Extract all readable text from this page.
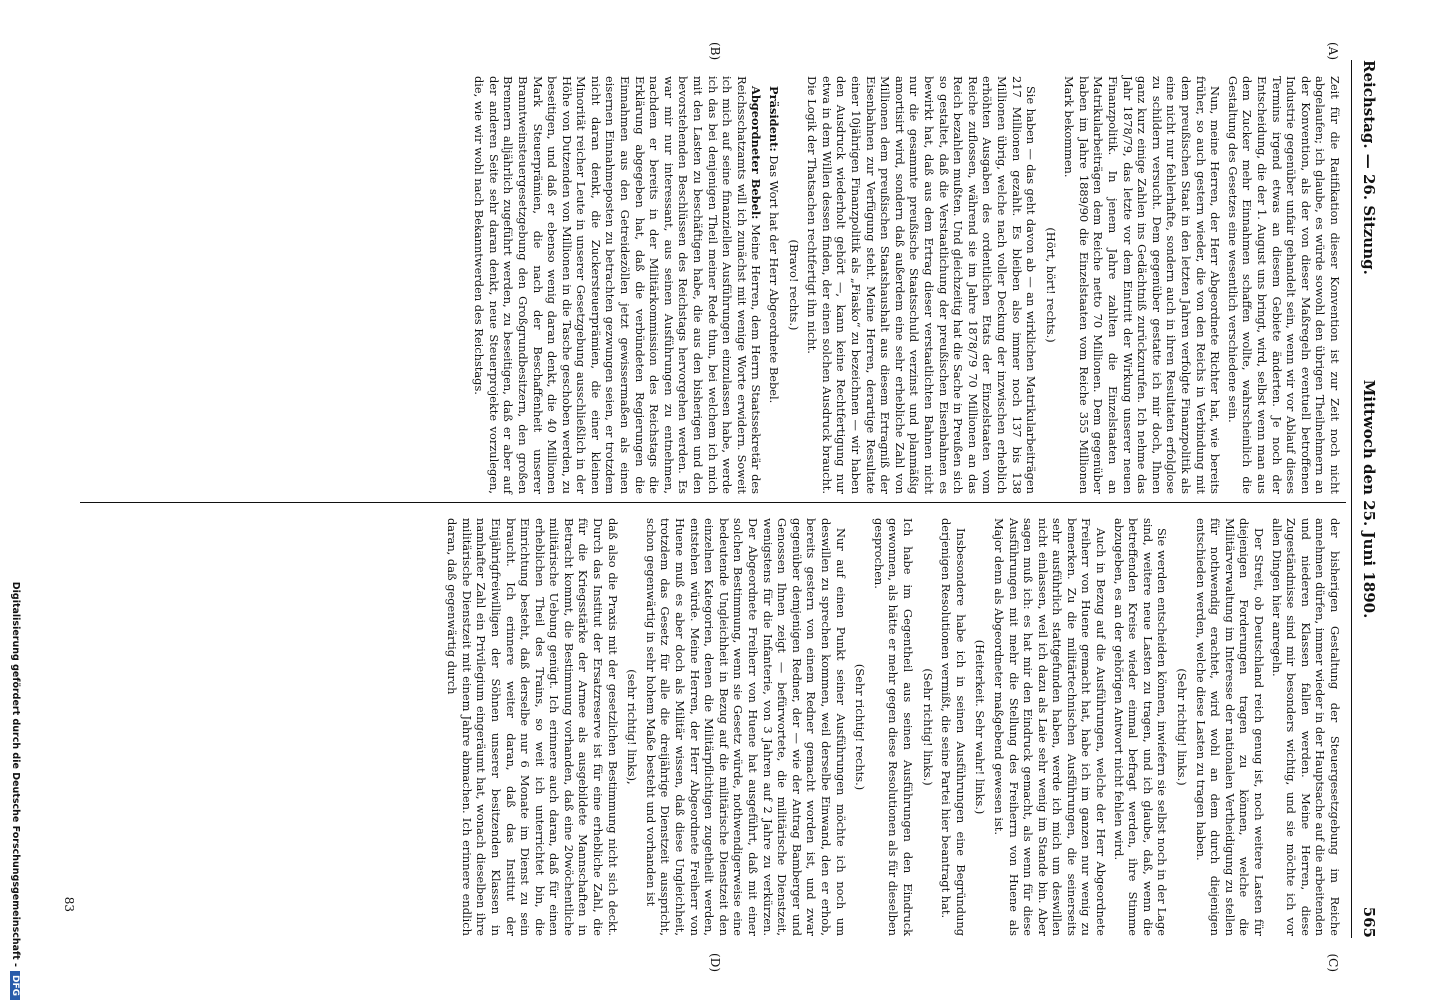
Reichstag. — 26. Sitzung.
Mittwoch den 25. Juni 1890.
565
(A)
(B)
(C)
(D)

Zeit für die Ratifikation dieser Konvention ist zur Zeit noch nicht abgelaufen; ich glaube, es würde sowohl den übrigen Theilnehmern an der Konvention, als der von dieser Maßregeln eventuell betroffenen Industrie gegenüber unfair gehandelt sein, wenn wir vor Ablauf dieses Termins irgend etwas an diesem Gebiete änderten. Je noch der Entscheidung, die der 1. August uns bringt, wird, selbst wenn man aus dem Zucker mehr Einnahmen schaffen wollte, wahrscheinlich die Gestaltung des Gesetzes eine wesentlich verschiedene sein.

Nun, meine Herren, der Herr Abgeordnete Richter hat, wie bereits früher, so auch gestern wieder, die von den Reichs in Verbindung mit dem preußischen Staat in den letzten Jahren verfolgte Finanzpolitik als eine nicht nur fehlerhafte, sondern auch in ihren Resultaten erfolglose zu schildern versucht. Dem gegenüber gestatte ich mir doch, Ihnen ganz kurz einige Zahlen ins Gedächtniß zurückzurufen. Ich nehme das Jahr 1878/79, das letzte vor dem Eintritt der Wirkung unserer neuen Finanzpolitik. In jenem Jahre zahlten die Einzelstaaten an Matrikularbeiträgen dem Reiche netto 70 Millionen. Dem gegenüber haben im Jahre 1889/90 die Einzelstaaten vom Reiche 355 Millionen Mark bekommen.

(Hört, hört! rechts.)

Sie haben — das geht davon ab — an wirklichen Matrikularbeiträgen 217 Millionen gezahlt. Es bleiben also immer noch 137 bis 138 Millionen übrig, welche nach voller Deckung der inzwischen erheblich erhöhten Ausgaben des ordentlichen Etats der Einzelstaaten vom Reiche zuflossen, während sie im Jahre 1878/79 70 Millionen an das Reich bezahlen mußten. Und gleichzeitig hat die Sache in Preußen sich so gestaltet, daß die Verstaatlichung der preußischen Eisenbahnen es bewirkt hat, daß aus dem Ertrag dieser verstaatlichten Bahnen nicht nur die gesammte preußische Staatsschuld verzinst und planmäßig amortisirt wird, sondern daß außerdem eine sehr erhebliche Zahl von Millionen dem preußischen Staatshaushalt aus diesem Ertragniß der Eisenbahnen zur Verfügung steht. Meine Herren, derartige Resultate einer 10jährigen Finanzpolitik als „Fiasko“ zu bezeichnen — wir haben den Ausdruck wiederholt gehört —, kann keine Rechtfertigung nur etwa in dem Willen dessen finden, der einen solchen Ausdruck braucht. Die Logik der Thatsachen rechtfertigt ihn nicht.

(Bravo! rechts.)

Präsident: Das Wort hat der Herr Abgeordnete Bebel.

Abgeordneter Bebel: Meine Herren, dem Herrn Staatssekretär des Reichsschatzamts will ich zunächst mit wenige Worte erwidern. Soweit ich mich auf seine finanziellen Ausführungen einzulassen habe, werde ich das bei denjenigen Theil meiner Rede thun, bei welchem ich mich mit den Lasten zu beschäftigen habe, die aus den bisherigen und den bevorstehenden Beschlüssen des Reichstags hervorgehen werden. Es war mir nur interessant, aus seinen Ausführungen zu entnehmen, nachdem er bereits in der Militärkommission des Reichstags die Erklärung abgegeben hat, daß die verbündeten Regierungen die Einnahmen aus den Getreidezöllen jetzt gewissermaßen als einen eisernen Einnahmeposten zu betrachten gezwungen seien, er trotzdem nicht daran denkt, die Zuckersteuerprämien, die einer kleinen Minorität reicher Leute in unserer Gesetzgebung ausschließlich in der Höhe von Dutzenden von Millionen in die Tasche geschoben werden, zu beseitigen, und daß er ebenso wenig daran denkt, die 40 Millionen Mark Steuerprämien, die nach der Beschaffenheit unserer Branntweinsteuergesetzgebung den Großgrundbesitzern, den großen Brennern alljährlich zugeführt werden, zu beseitigen, daß er aber auf der anderen Seite sehr daran denkt, neue Steuerprojekte vorzulegen, die, wie wir wohl nach Bekanntwerden des Reichstags.

der bisherigen Gestaltung der Steuergesetzgebung im Reiche annehmen dürfen, immer wieder in der Hauptsache auf die arbeitenden und niederen Klassen fallen werden. Meine Herren, diese Zugeständnisse sind mir besonders wichtig, und sie möchte ich vor allen Dingen hier anregeln.

Der Streit, ob Deutschland reich genug ist, noch weitere Lasten für diejenigen Forderungen tragen zu können, welche die Militärverwaltung im Interesse der nationalen Vertheidigung zu stellen für nothwendig erachtet, wird wohl an dem durch diejenigen entschieden werden, welche diese Lasten zu tragen haben.

(Sehr richtig! links.)

Sie werden entscheiden können, inwiefern sie selbst noch in der Lage sind, weitere neue Lasten zu tragen, und ich glaube, daß, wenn die betreffenden Kreise wieder einmal befragt werden, ihre Stimme abzugeben, es an der gehörigen Antwort nicht fehlen wird.

Auch in Bezug auf die Ausführungen, welche der Herr Abgeordnete Freiherr von Huene gemacht hat, habe ich im ganzen nur wenig zu bemerken. Zu die militärtechnischen Ausführungen, die seinerseits sehr ausführlich stattgefunden haben, werde ich mich um deswillen nicht einlassen, weil ich dazu als Laie sehr wenig im Stande bin. Aber sagen muß ich: es hat mir den Eindruck gemacht, als wenn für diese Ausführungen mit mehr die Stellung des Freiherrn von Huene als Major denn als Abgeordneter maßgebend gewesen ist.

(Heiterkeit. Sehr wahr! links.)

Insbesondere habe ich in seinen Ausführungen eine Begründung derjenigen Resolutionen vermißt, die seine Partei hier beantragt hat.

(Sehr richtig! links.)

Ich habe im Gegentheil aus seinen Ausführungen den Eindruck gewonnen, als hätte er mehr gegen diese Resolutionen als für dieselben gesprochen.

(Sehr richtig! rechts.)

Nur auf einen Punkt seiner Ausführungen möchte ich noch um deswillen zu sprechen kommen, weil derselbe Einwand, den er erhob, bereits gestern von einem Redner gemacht worden ist, und zwar gegenüber demjenigen Redner, der — wie der Antrag Bamberger und Genossen Ihnen zeigt — befürwortete, die militärische Dienstzeit, wenigstens für die Infanterie, von 3 Jahren auf 2 Jahre zu verkürzen. Der Abgeordnete Freiherr von Huene hat ausgeführt, daß mit einer solchen Bestimmung, wenn sie Gesetz würde, nothwendigerweise eine bedeutende Ungleichheit in Bezug auf die militärische Dienstzeit den einzelnen Kategorien, denen die Militärpflichtigen zugetheilt werden, entstehen würde. Meine Herren, der Herr Abgeordnete Freiherr von Huene muß es aber doch als Militär wissen, daß diese Ungleichheit, trotzdem das Gesetz für alle die dreijährige Dienstzeit ausspricht, schon gegenwärtig in sehr hohem Maße besteht und vorhanden ist

(sehr richtig! links),

daß also die Praxis mit der gesetzlichen Bestimmung nicht sich deckt. Durch das Institut der Ersatzreserve ist für eine erhebliche Zahl, die für die Kriegsstärke der Armee als ausgebildete Mannschaften in Betracht kommt, die Bestimmung vorhanden, daß eine 20wöchentliche militärische Uebung genügt. Ich erinnere auch daran, daß für einen erheblichen Theil des Trains, so weit ich unterrichtet bin, die Einrichtung besteht, daß derselbe nur 6 Monate im Dienst zu sein braucht. Ich erinnere weiter daran, daß das Institut der Einjährigfreiwilligen der Söhnen unserer besitzenden Klassen in namhafter Zahl ein Privilegium eingeräumt hat, wonach dieselben ihre militärische Dienstzeit mit einem Jahre abmachen. Ich erinnere endlich daran, daß gegenwärtig durch

83
Digitalisierung gefördert durch die Deutsche Forschungsgemeinschaft -DFG
